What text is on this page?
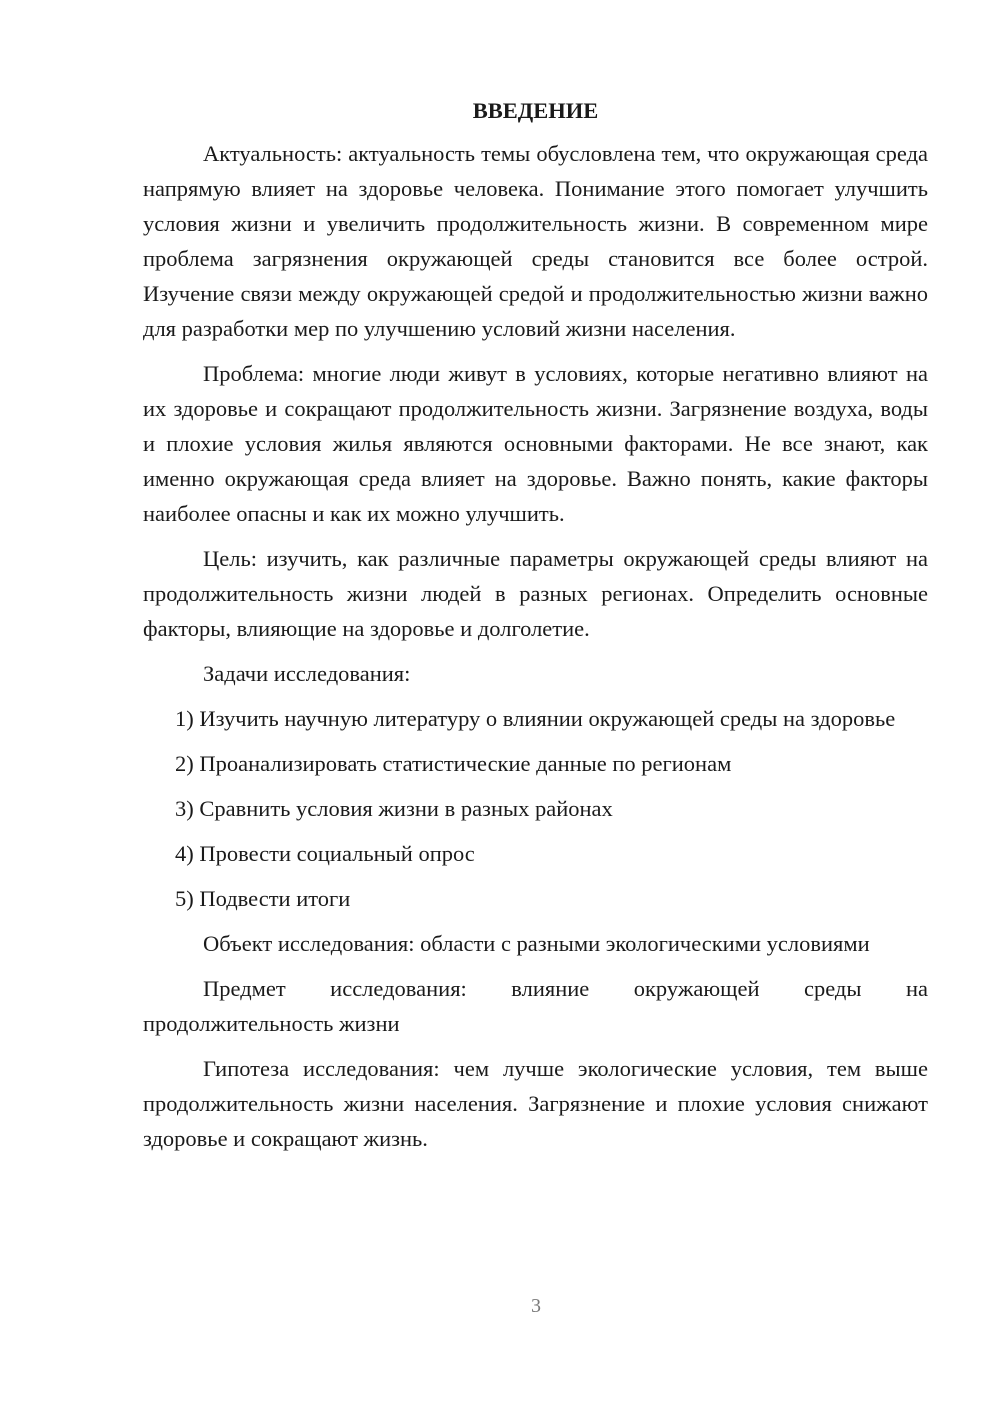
ВВЕДЕНИЕ

Актуальность: актуальность темы обусловлена тем, что окружающая среда напрямую влияет на здоровье человека. Понимание этого помогает улучшить условия жизни и увеличить продолжительность жизни. В современном мире проблема загрязнения окружающей среды становится все более острой. Изучение связи между окружающей средой и продолжительностью жизни важно для разработки мер по улучшению условий жизни населения.

Проблема: многие люди живут в условиях, которые негативно влияют на их здоровье и сокращают продолжительность жизни. Загрязнение воздуха, воды и плохие условия жилья являются основными факторами. Не все знают, как именно окружающая среда влияет на здоровье. Важно понять, какие факторы наиболее опасны и как их можно улучшить.

Цель: изучить, как различные параметры окружающей среды влияют на продолжительность жизни людей в разных регионах. Определить основные факторы, влияющие на здоровье и долголетие.

Задачи исследования:

1) Изучить научную литературу о влиянии окружающей среды на здоровье

2) Проанализировать статистические данные по регионам

3) Сравнить условия жизни в разных районах

4) Провести социальный опрос

5) Подвести итоги

Объект исследования: области с разными экологическими условиями

Предмет исследования: влияние окружающей среды на продолжительность жизни

Гипотеза исследования: чем лучше экологические условия, тем выше продолжительность жизни населения. Загрязнение и плохие условия снижают здоровье и сокращают жизнь.

3
